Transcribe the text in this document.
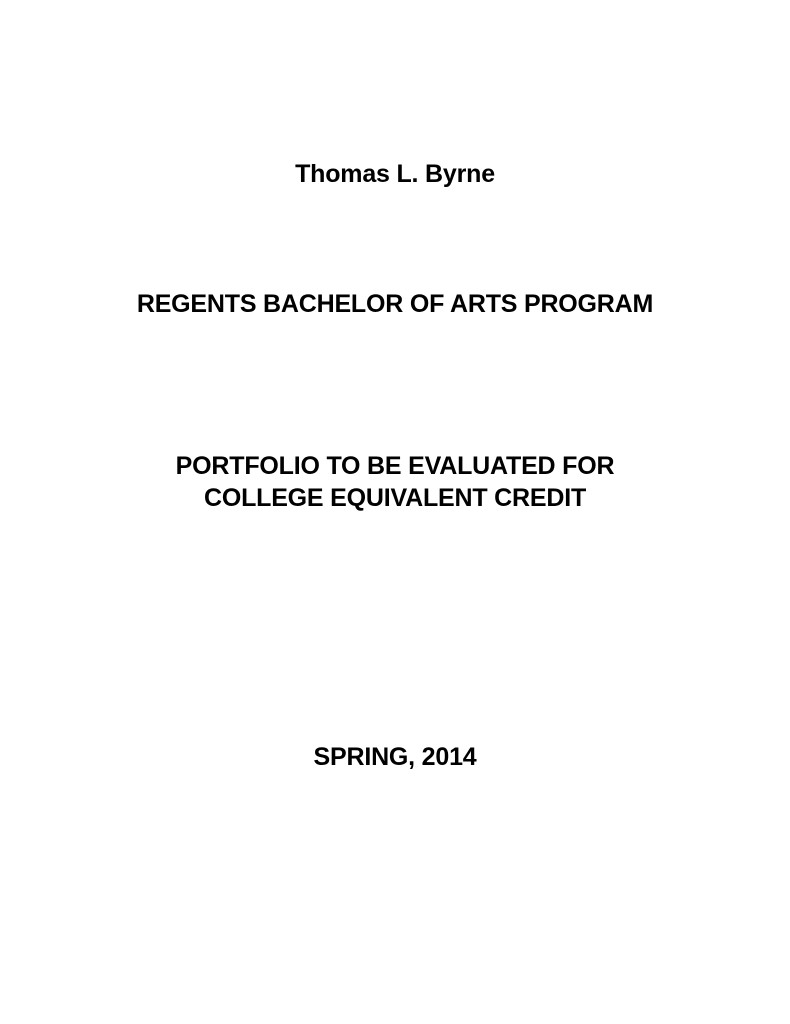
Thomas L. Byrne
REGENTS BACHELOR OF ARTS PROGRAM
PORTFOLIO TO BE EVALUATED FOR
COLLEGE EQUIVALENT CREDIT
SPRING, 2014
